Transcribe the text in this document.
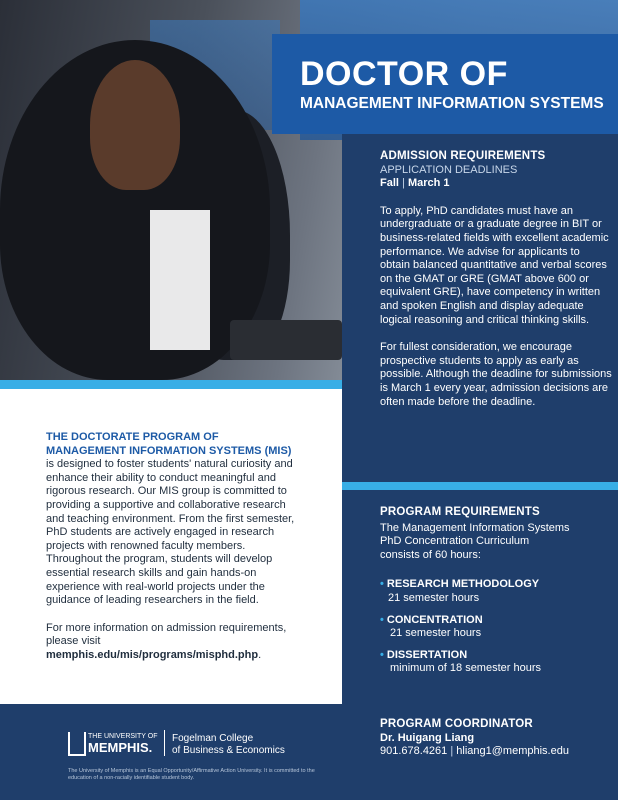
DOCTOR OF
MANAGEMENT INFORMATION SYSTEMS
ADMISSION REQUIREMENTS
APPLICATION DEADLINES
Fall | March 1
To apply, PhD candidates must have an undergraduate or a graduate degree in BIT or business-related fields with excellent academic performance. We advise for applicants to obtain balanced quantitative and verbal scores on the GMAT or GRE (GMAT above 600 or equivalent GRE), have competency in written and spoken English and display adequate logical reasoning and critical thinking skills.
For fullest consideration, we encourage prospective students to apply as early as possible. Although the deadline for submissions is March 1 every year, admission decisions are often made before the deadline.
PROGRAM REQUIREMENTS
The Management Information Systems PhD Concentration Curriculum consists of 60 hours:
• RESEARCH METHODOLOGY
21 semester hours
• CONCENTRATION
21 semester hours
• DISSERTATION
minimum of 18 semester hours
PROGRAM COORDINATOR
Dr. Huigang Liang
901.678.4261 | hliang1@memphis.edu
THE DOCTORATE PROGRAM OF MANAGEMENT INFORMATION SYSTEMS (MIS) is designed to foster students' natural curiosity and enhance their ability to conduct meaningful and rigorous research. Our MIS group is committed to providing a supportive and collaborative research and teaching environment. From the first semester, PhD students are actively engaged in research projects with renowned faculty members. Throughout the program, students will develop essential research skills and gain hands-on experience with real-world projects under the guidance of leading researchers in the field.
For more information on admission requirements, please visit
memphis.edu/mis/programs/misphd.php.
THE UNIVERSITY OF
MEMPHIS.
Fogelman College
of Business & Economics
The University of Memphis is an Equal Opportunity/Affirmative Action University. It is committed to the education of a non-racially identifiable student body.
